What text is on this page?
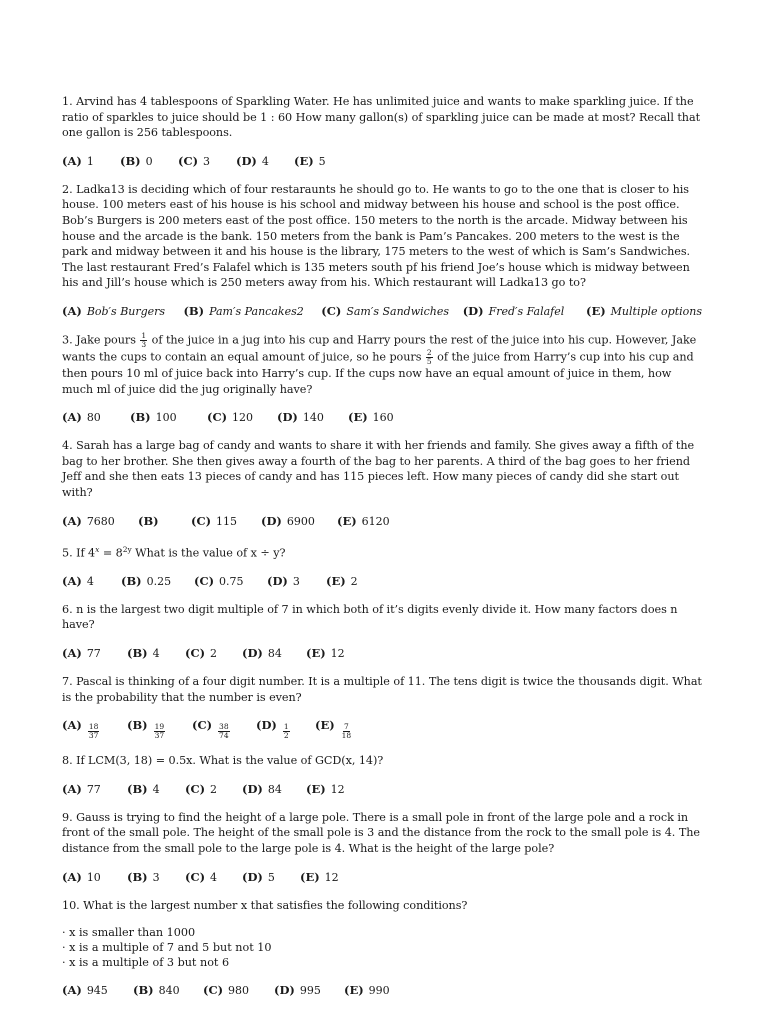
1. Arvind has 4 tablespoons of Sparkling Water. He has unlimited juice and wants to make sparkling juice. If the ratio of sparkles to juice should be 1 : 60 How many gallon(s) of sparkling juice can be made at most? Recall that one gallon is 256 tablespoons.

(A) 1 (B) 0 (C) 3 (D) 4 (E) 5

2. Ladka13 is deciding which of four restaraunts he should go to. He wants to go to the one that is closer to his house. 100 meters east of his house is his school and midway between his house and school is the post office. Bob’s Burgers is 200 meters east of the post office. 150 meters to the north is the arcade. Midway between his house and the arcade is the bank. 150 meters from the bank is Pam’s Pancakes. 200 meters to the west is the park and midway between it and his house is the library, 175 meters to the west of which is Sam’s Sandwiches. The last restaurant Fred’s Falafel which is 135 meters south pf his friend Joe’s house which is midway between his and Jill’s house which is 250 meters away from his. Which restaurant will Ladka13 go to?

(A) Bob′s Burgers (B) Pam′s Pancakes2 (C) Sam′s Sandwiches (D) Fred′s Falafel (E) Multiple options

3. Jake pours $\frac{1}{3}$ of the juice in a jug into his cup and Harry pours the rest of the juice into his cup. However, Jake wants the cups to contain an equal amount of juice, so he pours $\frac{2}{5}$ of the juice from Harry’s cup into his cup and then pours 10 ml of juice back into Harry’s cup. If the cups now have an equal amount of juice in them, how much ml of juice did the jug originally have?

(A) 80	(B) 100	(C) 120 (D) 140 (E) 160

4. Sarah has a large bag of candy and wants to share it with her friends and family. She gives away a fifth of the bag to her brother. She then gives away a fourth of the bag to her parents. A third of the bag goes to her friend Jeff and she then eats 13 pieces of candy and has 115 pieces left. How many pieces of candy did she start out with?

(A) 7680 (B)	(C) 115 (D) 6900 (E) 6120

5. If $4^x = 8^{2y}$ What is the value of x ÷ y?

(A) 4 (B) 0.25 (C) 0.75 (D) 3 (E) 2

6. n is the largest two digit multiple of 7 in which both of it’s digits evenly divide it. How many factors does n have?

(A) 77 (B) 4 (C) 2 (D) 84 (E) 12

7. Pascal is thinking of a four digit number. It is a multiple of 11. The tens digit is twice the thousands digit. What is the probability that the number is even?

$(A) \frac{18}{37} (B) \frac{19}{37} (C) \frac{38}{74} (D) \frac{1}{2} (E) \frac{7}{18}$

8. If LCM(3, 18) = 0.5x. What is the value of GCD(x, 14)?

(A) 77 (B) 4 (C) 2 (D) 84 (E) 12

9. Gauss is trying to find the height of a large pole. There is a small pole in front of the large pole and a rock in front of the small pole. The height of the small pole is 3 and the distance from the rock to the small pole is 4. The distance from the small pole to the large pole is 4. What is the height of the large pole?

(A) 10 (B) 3 (C) 4 (D) 5 (E) 12

10. What is the largest number x that satisfies the following conditions?

· x is smaller than 1000
· x is a multiple of 7 and 5 but not 10
· x is a multiple of 3 but not 6
(A) 945 (B) 840 (C) 980 (D) 995 (E) 990
